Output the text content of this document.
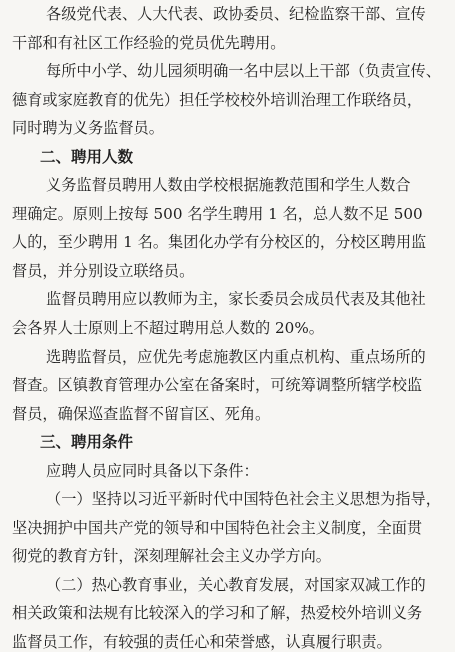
各级党代表、人大代表、政协委员、纪检监察干部、宣传
干部和有社区工作经验的党员优先聘用。
每所中小学、幼儿园须明确一名中层以上干部（负责宣传、
德育或家庭教育的优先）担任学校校外培训治理工作联络员，
同时聘为义务监督员。
二、聘用人数
义务监督员聘用人数由学校根据施教范围和学生人数合
理确定。原则上按每 500 名学生聘用 1 名，总人数不足 500
人的，至少聘用 1 名。集团化办学有分校区的，分校区聘用监
督员，并分别设立联络员。
监督员聘用应以教师为主，家长委员会成员代表及其他社
会各界人士原则上不超过聘用总人数的 20%。
选聘监督员，应优先考虑施教区内重点机构、重点场所的
督查。区镇教育管理办公室在备案时，可统筹调整所辖学校监
督员，确保巡查监督不留盲区、死角。
三、聘用条件
应聘人员应同时具备以下条件：
（一）坚持以习近平新时代中国特色社会主义思想为指导，
坚决拥护中国共产党的领导和中国特色社会主义制度，全面贯
彻党的教育方针，深刻理解社会主义办学方向。
（二）热心教育事业，关心教育发展，对国家双减工作的
相关政策和法规有比较深入的学习和了解，热爱校外培训义务
监督员工作，有较强的责任心和荣誉感，认真履行职责。
